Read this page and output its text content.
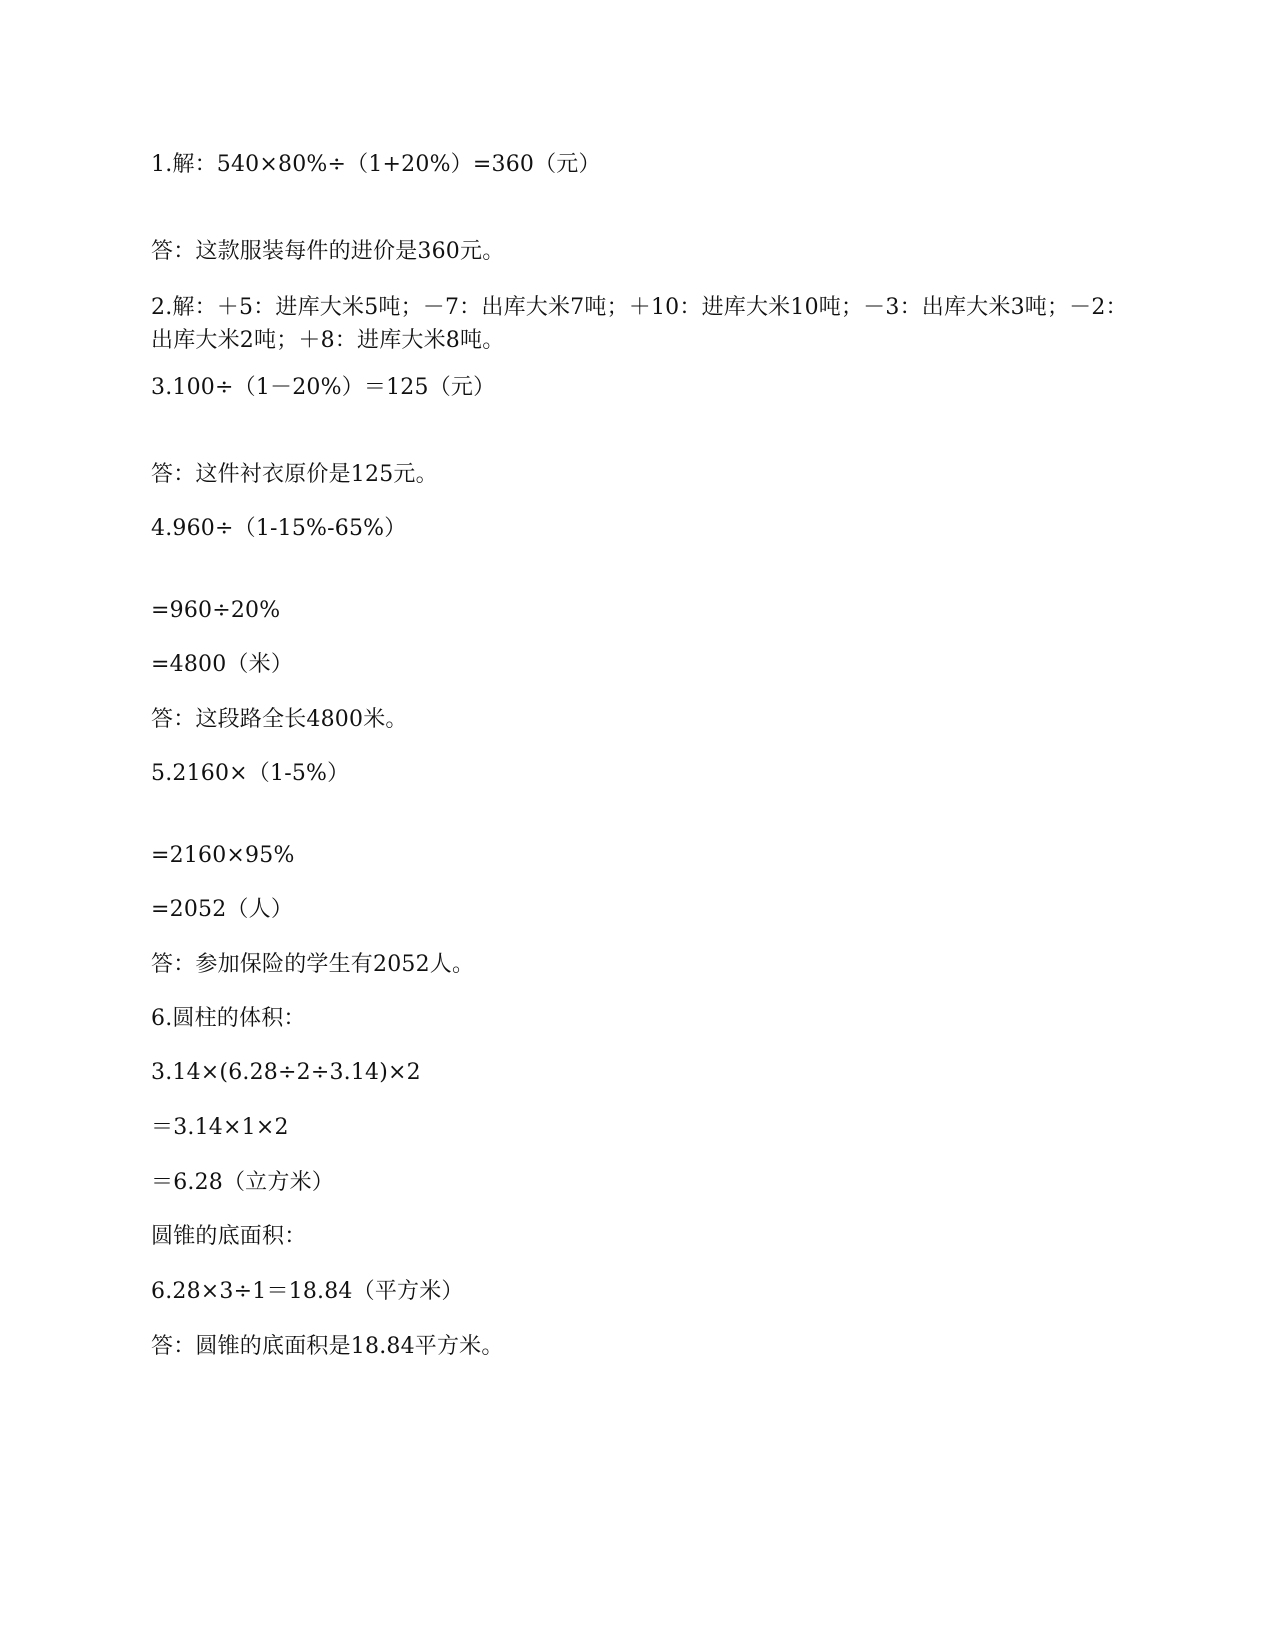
1.解：540×80%÷（1+20%）=360（元）
答：这款服装每件的进价是360元。
2.解：＋5：进库大米5吨；－7：出库大米7吨；＋10：进库大米10吨；－3：出库大米3吨；－2：出库大米2吨；＋8：进库大米8吨。
3.100÷（1－20%）＝125（元）
答：这件衬衣原价是125元。
4.960÷（1-15%-65%）
=960÷20%
=4800（米）
答：这段路全长4800米。
5.2160×（1-5%）
=2160×95%
=2052（人）
答：参加保险的学生有2052人。
6.圆柱的体积：
3.14×(6.28÷2÷3.14)×2
＝3.14×1×2
＝6.28（立方米）
圆锥的底面积：
6.28×3÷1＝18.84（平方米）
答：圆锥的底面积是18.84平方米。
